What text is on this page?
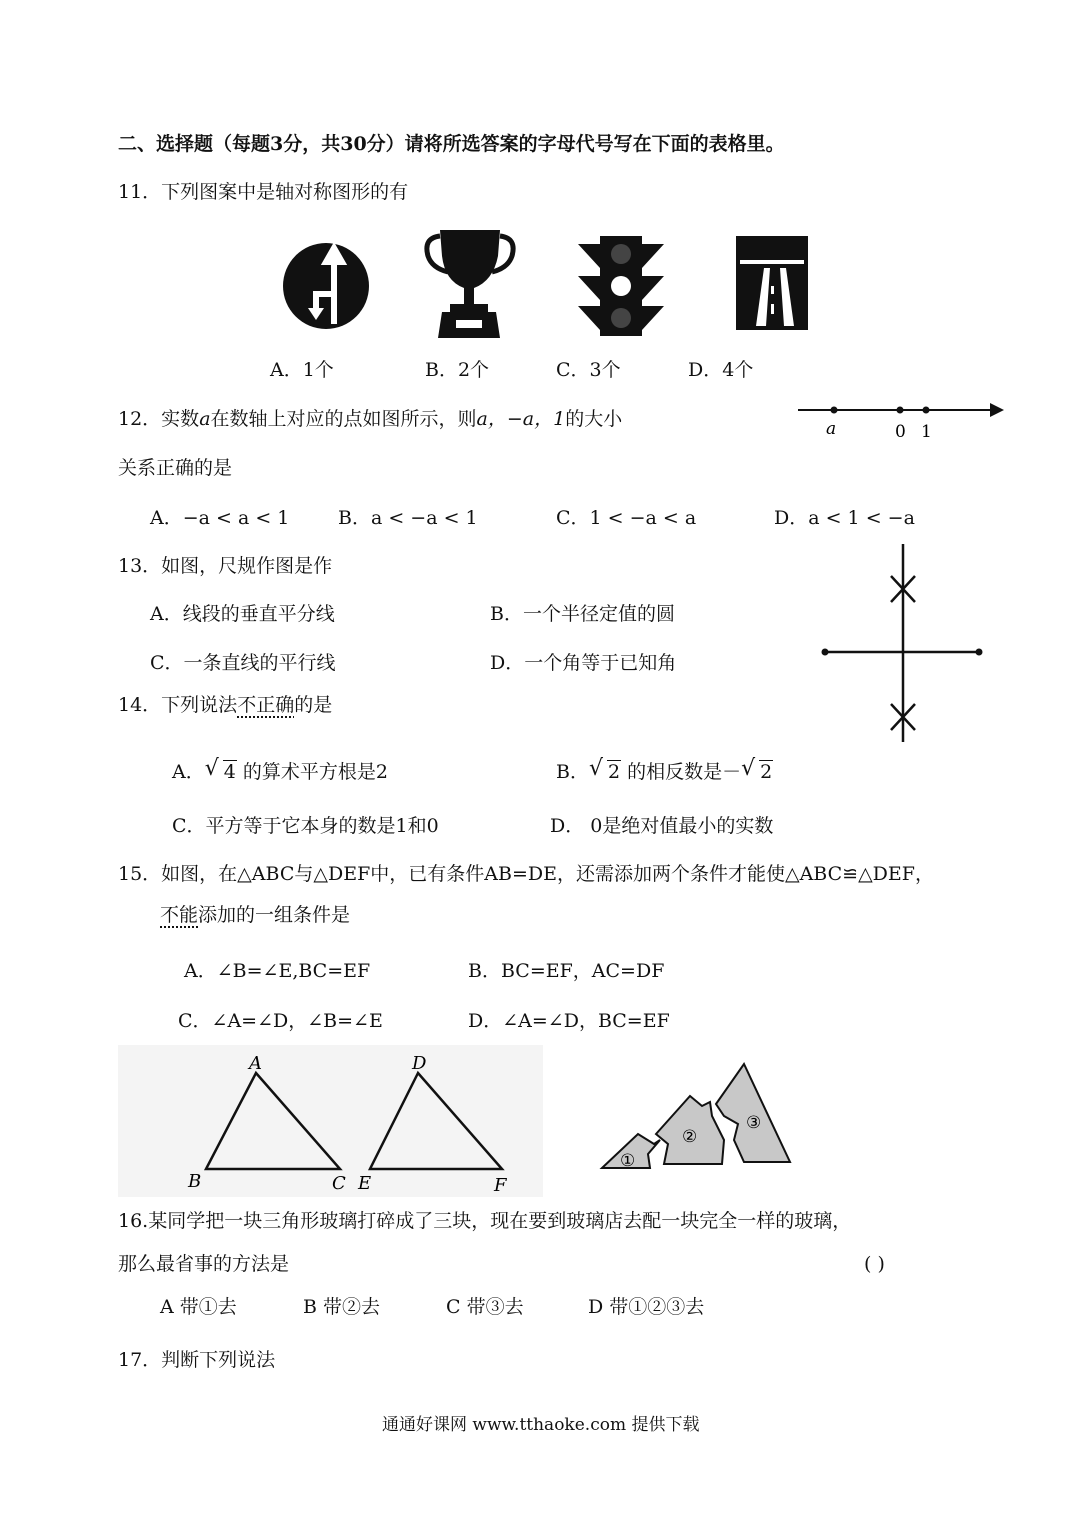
二、选择题（每题3分，共30分）请将所选答案的字母代号写在下面的表格里。
11．下列图案中是轴对称图形的有
A．1个	B．2个	C．3个	D．4个
12．实数a在数轴上对应的点如图所示，则a，−a，1的大小
关系正确的是
a	0 1
A．−a < a < 1	B．a < −a < 1	C．1 < −a < a	D．a < 1 < −a
13．如图，尺规作图是作
A．线段的垂直平分线	B．一个半径定值的圆
C．一条直线的平行线	D．一个角等于已知角
14．下列说法不正确的是
A． √ 4 的算术平方根是2	B． √ 2 的相反数是－ √ 2
C．平方等于它本身的数是1和0	D． 0是绝对值最小的实数
15．如图，在△ABC与△DEF中，已有条件AB=DE，还需添加两个条件才能使△ABC≌△DEF，
不能添加的一组条件是
A．∠B=∠E,BC=EF	B．BC=EF，AC=DF
C．∠A=∠D，∠B=∠E	D．∠A=∠D，BC=EF
A
B	C
D
E	F
①
②
③
16.某同学把一块三角形玻璃打碎成了三块，现在要到玻璃店去配一块完全一样的玻璃，
那么最省事的方法是	( )
A 带①去	B 带②去	C 带③去	D 带①②③去
17．判断下列说法
通通好课网 www.tthaoke.com 提供下载
